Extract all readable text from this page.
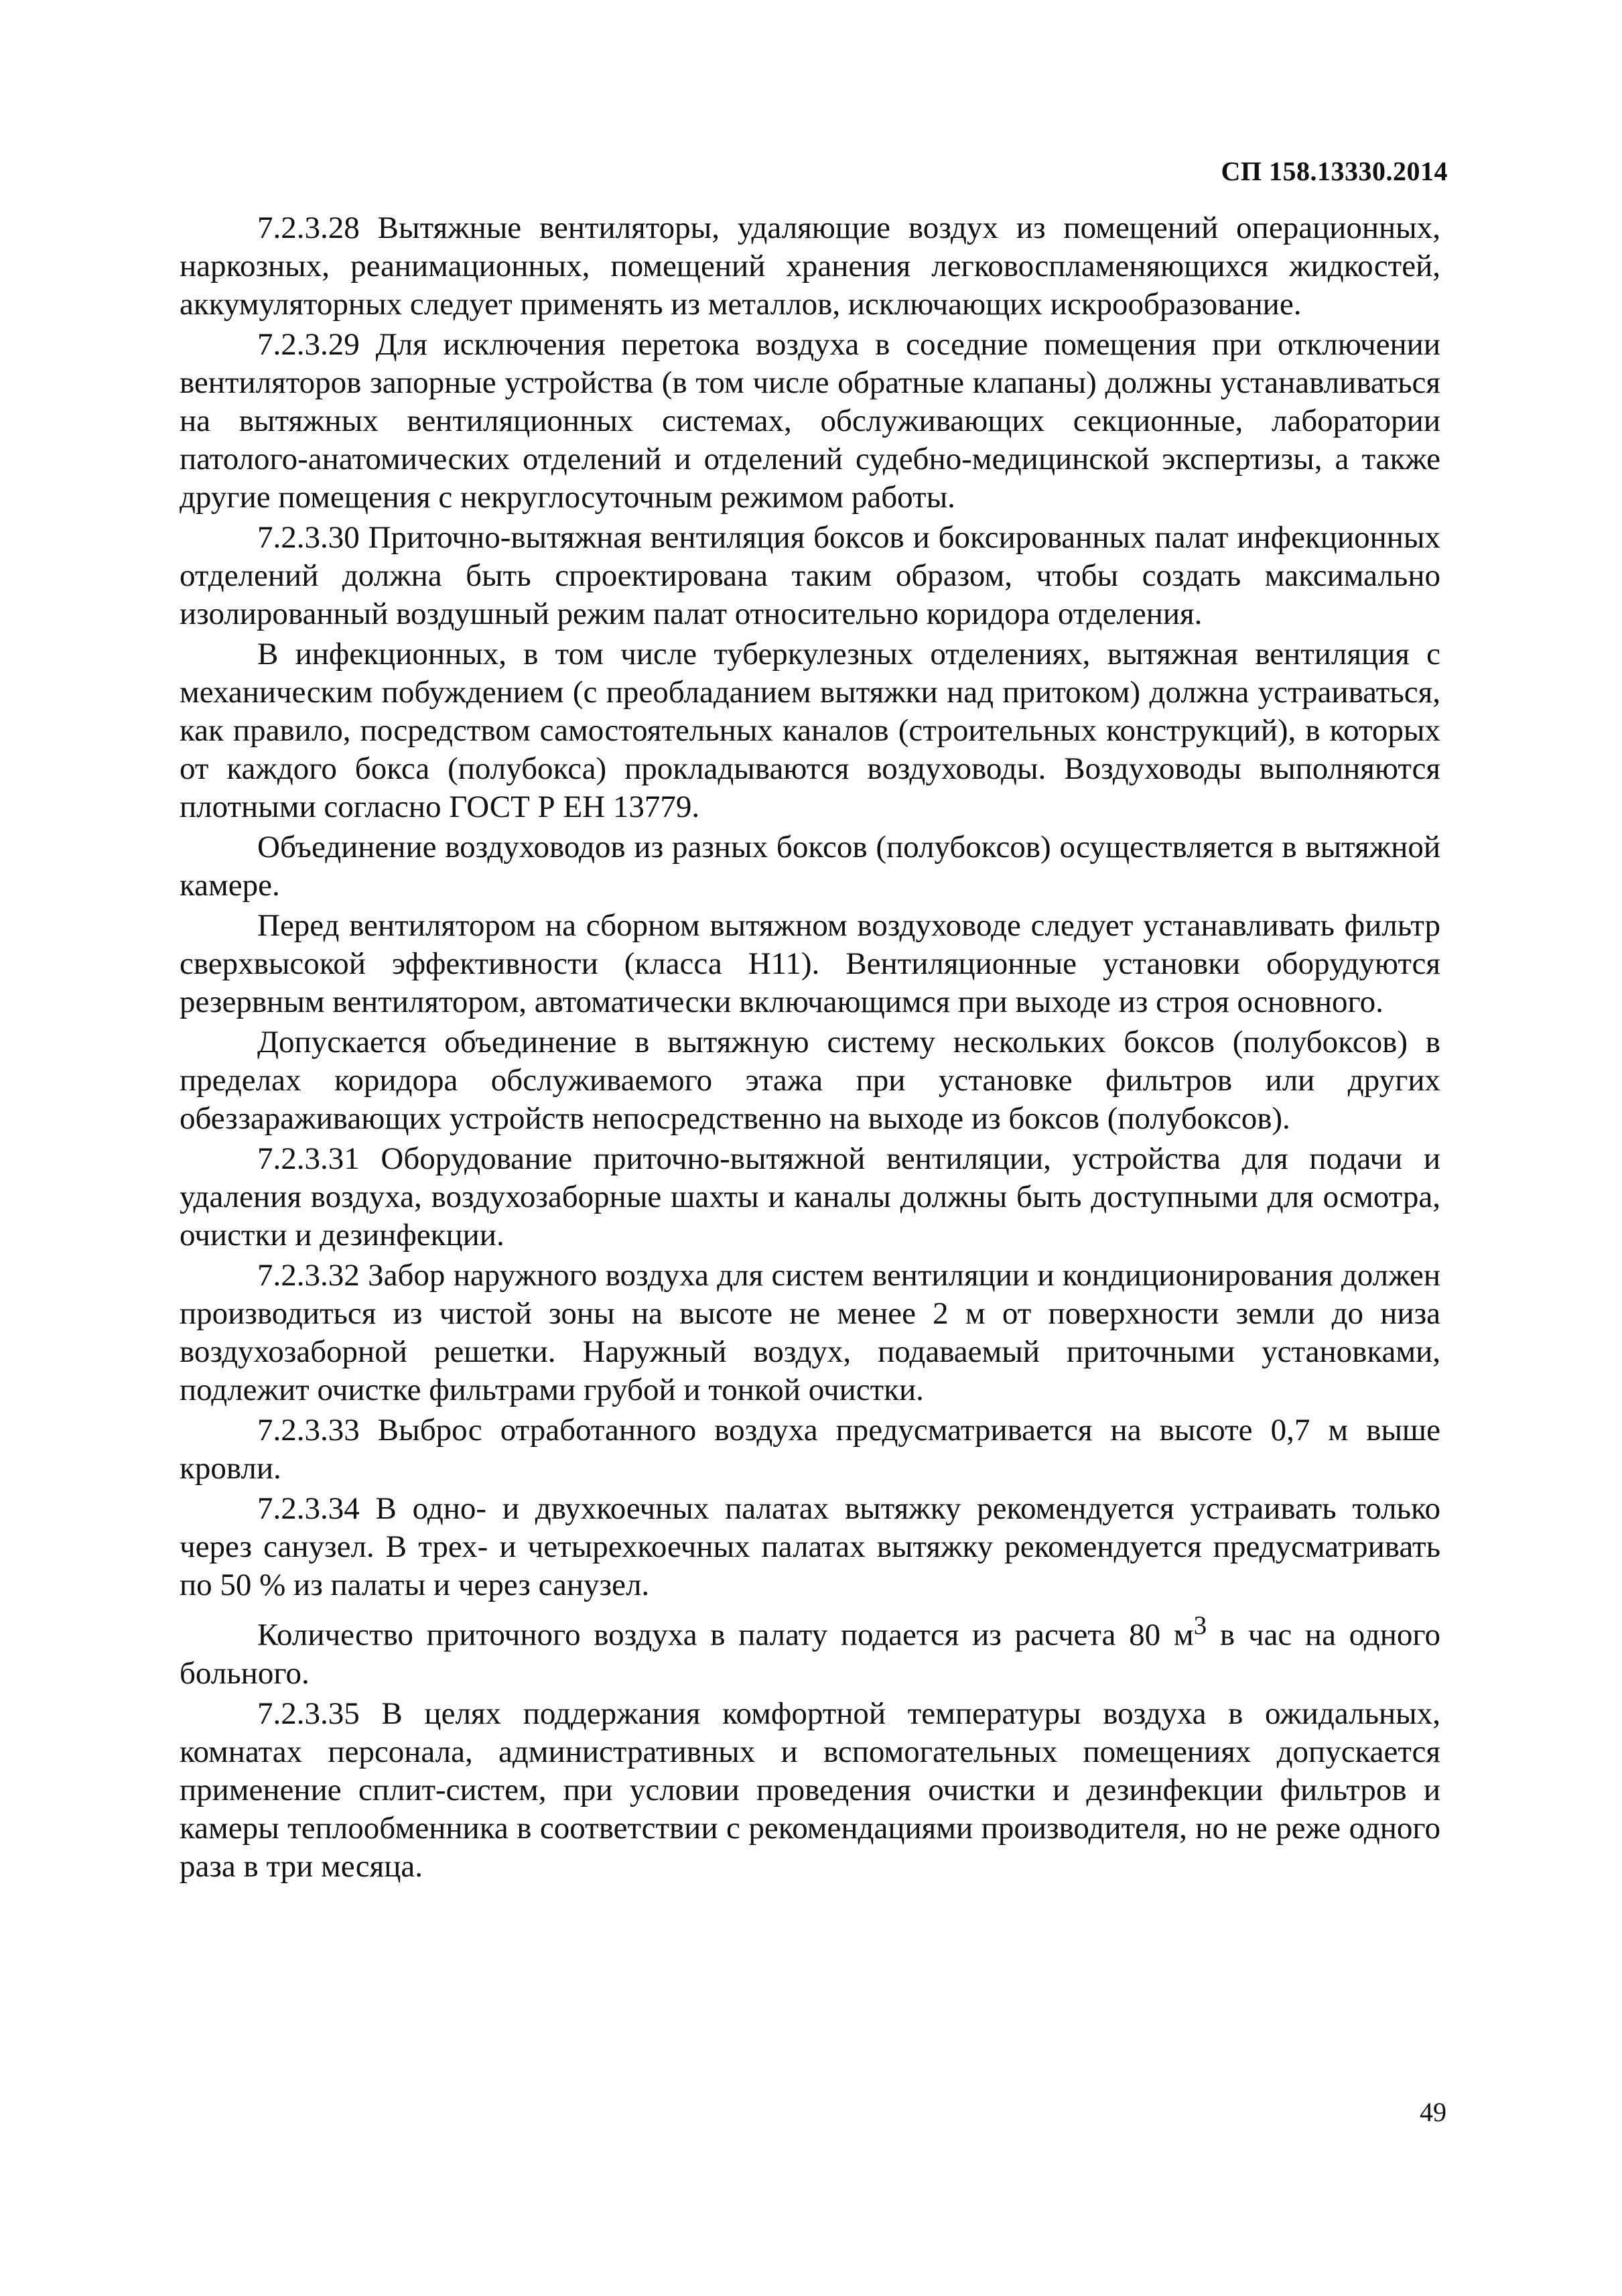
СП 158.13330.2014

7.2.3.28 Вытяжные вентиляторы, удаляющие воздух из помещений операционных, наркозных, реанимационных, помещений хранения легковоспламеняющихся жидкостей, аккумуляторных следует применять из металлов, исключающих искрообразование.

7.2.3.29 Для исключения перетока воздуха в соседние помещения при отключении вентиляторов запорные устройства (в том числе обратные клапаны) должны устанавливаться на вытяжных вентиляционных системах, обслуживающих секционные, лаборатории патолого-анатомических отделений и отделений судебно-медицинской экспертизы, а также другие помещения с некруглосуточным режимом работы.

7.2.3.30 Приточно-вытяжная вентиляция боксов и боксированных палат инфекционных отделений должна быть спроектирована таким образом, чтобы создать максимально изолированный воздушный режим палат относительно коридора отделения.

В инфекционных, в том числе туберкулезных отделениях, вытяжная вентиляция с механическим побуждением (с преобладанием вытяжки над притоком) должна устраиваться, как правило, посредством самостоятельных каналов (строительных конструкций), в которых от каждого бокса (полубокса) прокладываются воздуховоды. Воздуховоды выполняются плотными согласно ГОСТ Р ЕН 13779.

Объединение воздуховодов из разных боксов (полубоксов) осуществляется в вытяжной камере.

Перед вентилятором на сборном вытяжном воздуховоде следует устанавливать фильтр сверхвысокой эффективности (класса Н11). Вентиляционные установки оборудуются резервным вентилятором, автоматически включающимся при выходе из строя основного.

Допускается объединение в вытяжную систему нескольких боксов (полубоксов) в пределах коридора обслуживаемого этажа при установке фильтров или других обеззараживающих устройств непосредственно на выходе из боксов (полубоксов).

7.2.3.31 Оборудование приточно-вытяжной вентиляции, устройства для подачи и удаления воздуха, воздухозаборные шахты и каналы должны быть доступными для осмотра, очистки и дезинфекции.

7.2.3.32 Забор наружного воздуха для систем вентиляции и кондиционирования должен производиться из чистой зоны на высоте не менее 2 м от поверхности земли до низа воздухозаборной решетки. Наружный воздух, подаваемый приточными установками, подлежит очистке фильтрами грубой и тонкой очистки.

7.2.3.33 Выброс отработанного воздуха предусматривается на высоте 0,7 м выше кровли.

7.2.3.34 В одно- и двухкоечных палатах вытяжку рекомендуется устраивать только через санузел. В трех- и четырехкоечных палатах вытяжку рекомендуется предусматривать по 50 % из палаты и через санузел.

Количество приточного воздуха в палату подается из расчета 80 $м^3$ в час на одного больного.

7.2.3.35 В целях поддержания комфортной температуры воздуха в ожидальных, комнатах персонала, административных и вспомогательных помещениях допускается применение сплит-систем, при условии проведения очистки и дезинфекции фильтров и камеры теплообменника в соответствии с рекомендациями производителя, но не реже одного раза в три месяца.

49
